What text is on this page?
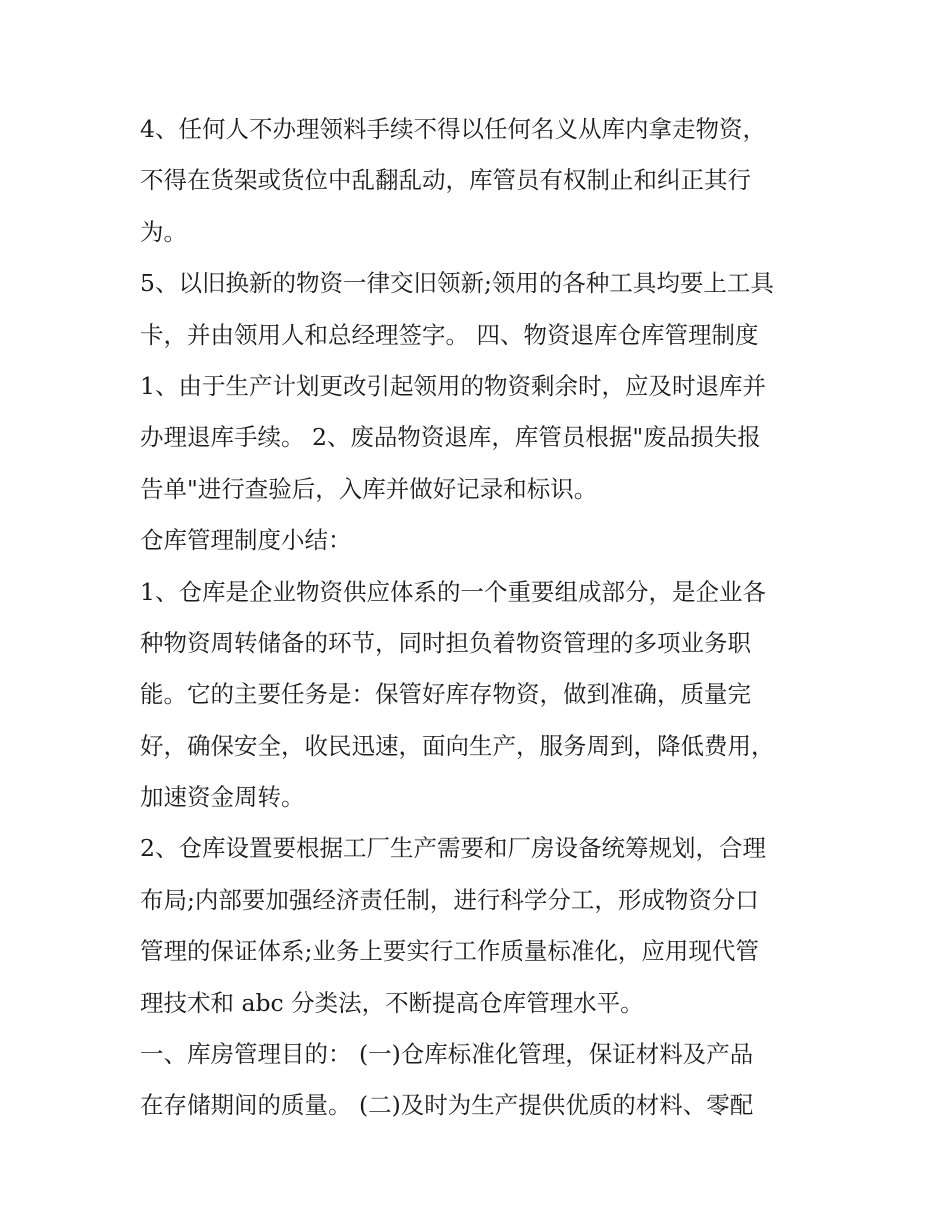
4、任何人不办理领料手续不得以任何名义从库内拿走物资，
不得在货架或货位中乱翻乱动，库管员有权制止和纠正其行
为。
5、以旧换新的物资一律交旧领新;领用的各种工具均要上工具
卡，并由领用人和总经理签字。 四、物资退库仓库管理制度
1、由于生产计划更改引起领用的物资剩余时，应及时退库并
办理退库手续。 2、废品物资退库，库管员根据"废品损失报
告单"进行查验后，入库并做好记录和标识。
仓库管理制度小结：
1、仓库是企业物资供应体系的一个重要组成部分，是企业各
种物资周转储备的环节，同时担负着物资管理的多项业务职
能。它的主要任务是：保管好库存物资，做到准确，质量完
好，确保安全，收民迅速，面向生产，服务周到，降低费用，
加速资金周转。
2、仓库设置要根据工厂生产需要和厂房设备统筹规划，合理
布局;内部要加强经济责任制，进行科学分工，形成物资分口
管理的保证体系;业务上要实行工作质量标准化，应用现代管
理技术和 abc 分类法，不断提高仓库管理水平。
一、库房管理目的： (一)仓库标准化管理，保证材料及产品
在存储期间的质量。 (二)及时为生产提供优质的材料、零配
